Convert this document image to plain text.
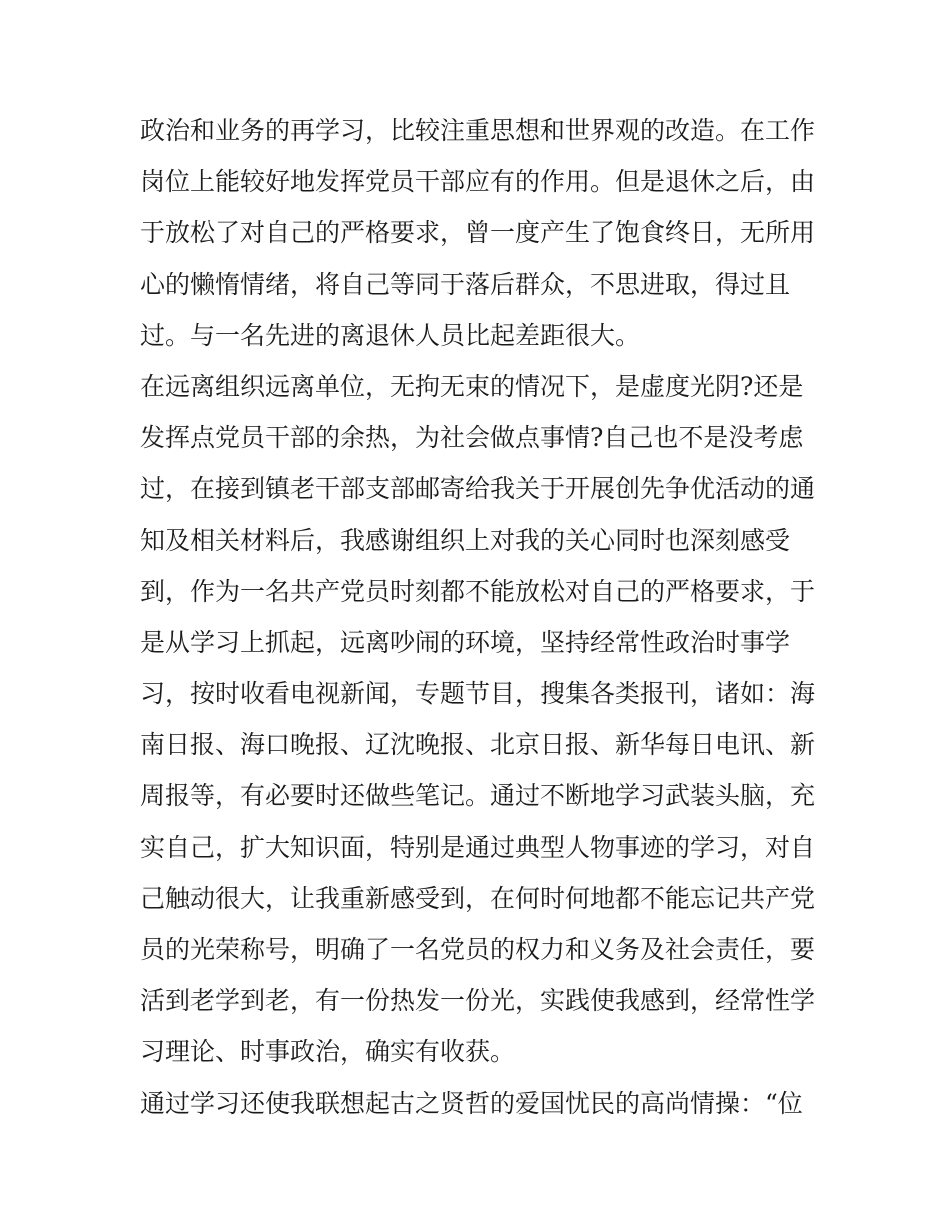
政治和业务的再学习，比较注重思想和世界观的改造。在工作
岗位上能较好地发挥党员干部应有的作用。但是退休之后，由
于放松了对自己的严格要求，曾一度产生了饱食终日，无所用
心的懒惰情绪，将自己等同于落后群众，不思进取，得过且
过。与一名先进的离退休人员比起差距很大。
在远离组织远离单位，无拘无束的情况下，是虚度光阴?还是
发挥点党员干部的余热，为社会做点事情?自己也不是没考虑
过，在接到镇老干部支部邮寄给我关于开展创先争优活动的通
知及相关材料后，我感谢组织上对我的关心同时也深刻感受
到，作为一名共产党员时刻都不能放松对自己的严格要求，于
是从学习上抓起，远离吵闹的环境，坚持经常性政治时事学
习，按时收看电视新闻，专题节目，搜集各类报刊，诸如：海
南日报、海口晚报、辽沈晚报、北京日报、新华每日电讯、新
周报等，有必要时还做些笔记。通过不断地学习武装头脑，充
实自己，扩大知识面，特别是通过典型人物事迹的学习，对自
己触动很大，让我重新感受到，在何时何地都不能忘记共产党
员的光荣称号，明确了一名党员的权力和义务及社会责任，要
活到老学到老，有一份热发一份光，实践使我感到，经常性学
习理论、时事政治，确实有收获。
通过学习还使我联想起古之贤哲的爱国忧民的高尚情操：“位
